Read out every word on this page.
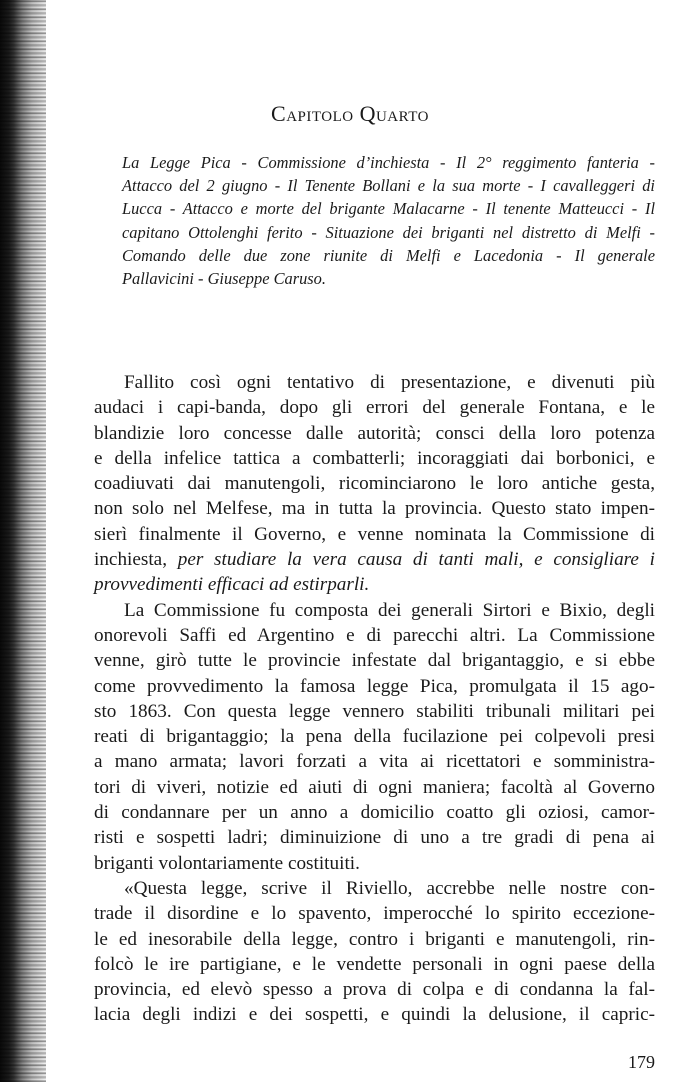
Capitolo Quarto
La Legge Pica - Commissione d’inchiesta - Il 2° reggimento fanteria -
Attacco del 2 giugno - Il Tenente Bollani e la sua morte - I cavalleggeri di
Lucca - Attacco e morte del brigante Malacarne - Il tenente Matteucci - Il
capitano Ottolenghi ferito - Situazione dei briganti nel distretto di Melfi -
Comando delle due zone riunite di Melfi e Lacedonia - Il generale
Pallavicini - Giuseppe Caruso.
Fallito così ogni tentativo di presentazione, e divenuti più
audaci i capi-banda, dopo gli errori del generale Fontana, e le
blandizie loro concesse dalle autorità; consci della loro potenza
e della infelice tattica a combatterli; incoraggiati dai borbonici, e
coadiuvati dai manutengoli, ricominciarono le loro antiche gesta,
non solo nel Melfese, ma in tutta la provincia. Questo stato impen-
sierì finalmente il Governo, e venne nominata la Commissione di
inchiesta, per studiare la vera causa di tanti mali, e consigliare i
provvedimenti efficaci ad estirparli.
La Commissione fu composta dei generali Sirtori e Bixio, degli
onorevoli Saffi ed Argentino e di parecchi altri. La Commissione
venne, girò tutte le provincie infestate dal brigantaggio, e si ebbe
come provvedimento la famosa legge Pica, promulgata il 15 ago-
sto 1863. Con questa legge vennero stabiliti tribunali militari pei
reati di brigantaggio; la pena della fucilazione pei colpevoli presi
a mano armata; lavori forzati a vita ai ricettatori e somministra-
tori di viveri, notizie ed aiuti di ogni maniera; facoltà al Governo
di condannare per un anno a domicilio coatto gli oziosi, camor-
risti e sospetti ladri; diminuizione di uno a tre gradi di pena ai
briganti volontariamente costituiti.
«Questa legge, scrive il Riviello, accrebbe nelle nostre con-
trade il disordine e lo spavento, imperocché lo spirito eccezione-
le ed inesorabile della legge, contro i briganti e manutengoli, rin-
folcò le ire partigiane, e le vendette personali in ogni paese della
provincia, ed elevò spesso a prova di colpa e di condanna la fal-
lacia degli indizi e dei sospetti, e quindi la delusione, il capric-
179
